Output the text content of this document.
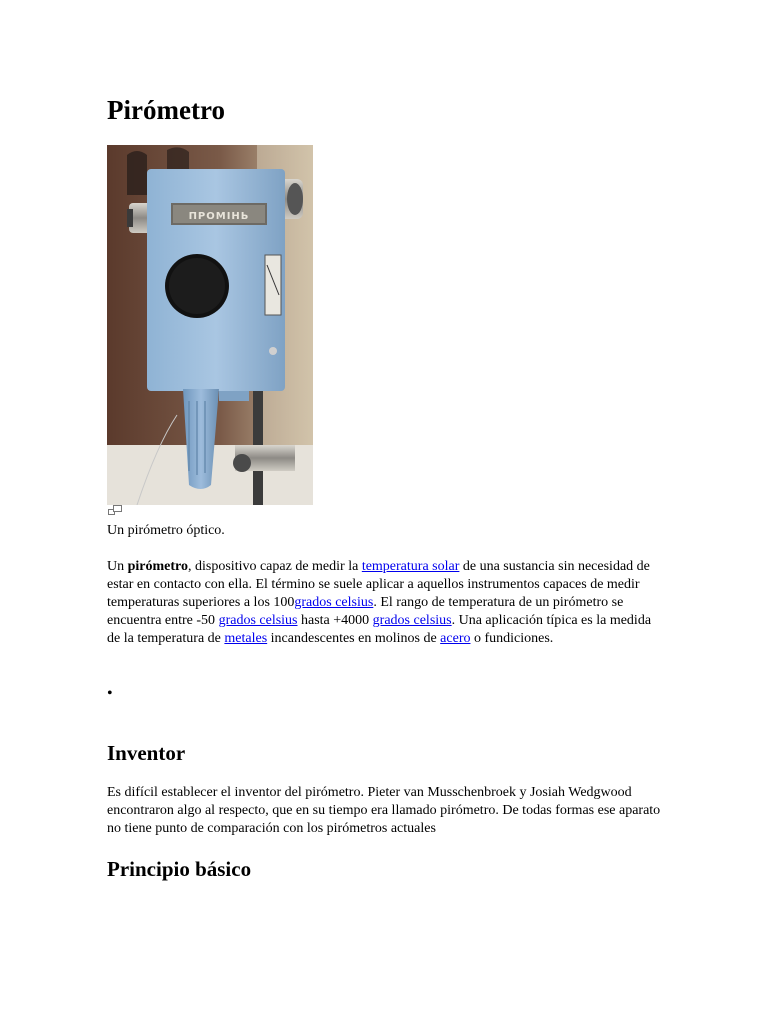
Pirómetro
ПРОМІНЬ
Un pirómetro óptico.

Un pirómetro, dispositivo capaz de medir la temperatura solar de una sustancia sin necesidad de estar en contacto con ella. El término se suele aplicar a aquellos instrumentos capaces de medir temperaturas superiores a los 100grados celsius. El rango de temperatura de un pirómetro se encuentra entre -50 grados celsius hasta +4000 grados celsius. Una aplicación típica es la medida de la temperatura de metales incandescentes en molinos de acero o fundiciones.

•
Inventor

Es difícil establecer el inventor del pirómetro. Pieter van Musschenbroek y Josiah Wedgwood encontraron algo al respecto, que en su tiempo era llamado pirómetro. De todas formas ese aparato no tiene punto de comparación con los pirómetros actuales

Principio básico
